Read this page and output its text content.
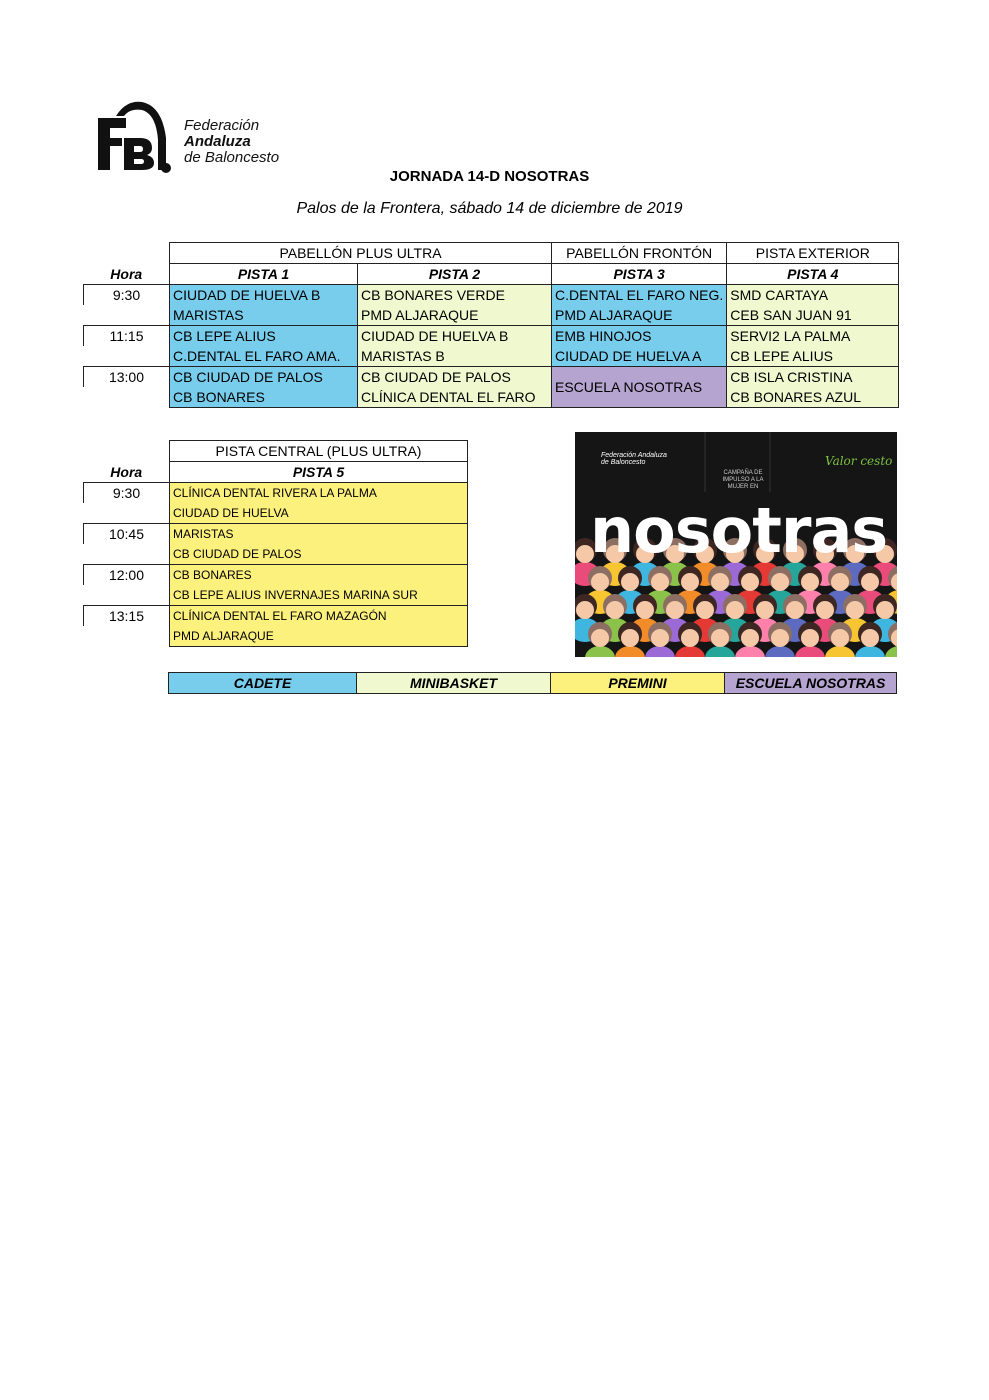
Federación
Andaluza
de Baloncesto
JORNADA 14-D NOSOTRAS
Palos de la Frontera, sábado 14 de diciembre de 2019
	PABELLÓN PLUS ULTRA		PABELLÓN FRONTÓN	PISTA EXTERIOR
Hora	PISTA 1	PISTA 2	PISTA 3	PISTA 4
9:30	CIUDAD DE HUELVA B	CB BONARES VERDE	C.DENTAL EL FARO NEG.	SMD CARTAYA
	MARISTAS	PMD ALJARAQUE	PMD ALJARAQUE	CEB SAN JUAN 91
11:15	CB LEPE ALIUS	CIUDAD DE HUELVA B	EMB HINOJOS	SERVI2 LA PALMA
	C.DENTAL EL FARO AMA.	MARISTAS B	CIUDAD DE HUELVA A	CB LEPE ALIUS
13:00	CB CIUDAD DE PALOS	CB CIUDAD DE PALOS	ESCUELA NOSOTRAS	CB ISLA CRISTINA
	CB BONARES	CLÍNICA DENTAL EL FARO		CB BONARES AZUL
	PISTA CENTRAL (PLUS ULTRA)
Hora	PISTA 5
9:30	CLÍNICA DENTAL RIVERA LA PALMA
	CIUDAD DE HUELVA
10:45	MARISTAS
	CB CIUDAD DE PALOS
12:00	CB BONARES
	CB LEPE ALIUS INVERNAJES MARINA SUR
13:15	CLÍNICA DENTAL EL FARO MAZAGÓN
	PMD ALJARAQUE
Federación Andaluza de Baloncesto
CAMPAÑA DE IMPULSO A LA MUJER EN
Valor cesto
nosotras
CADETE	MINIBASKET	PREMINI	ESCUELA NOSOTRAS
